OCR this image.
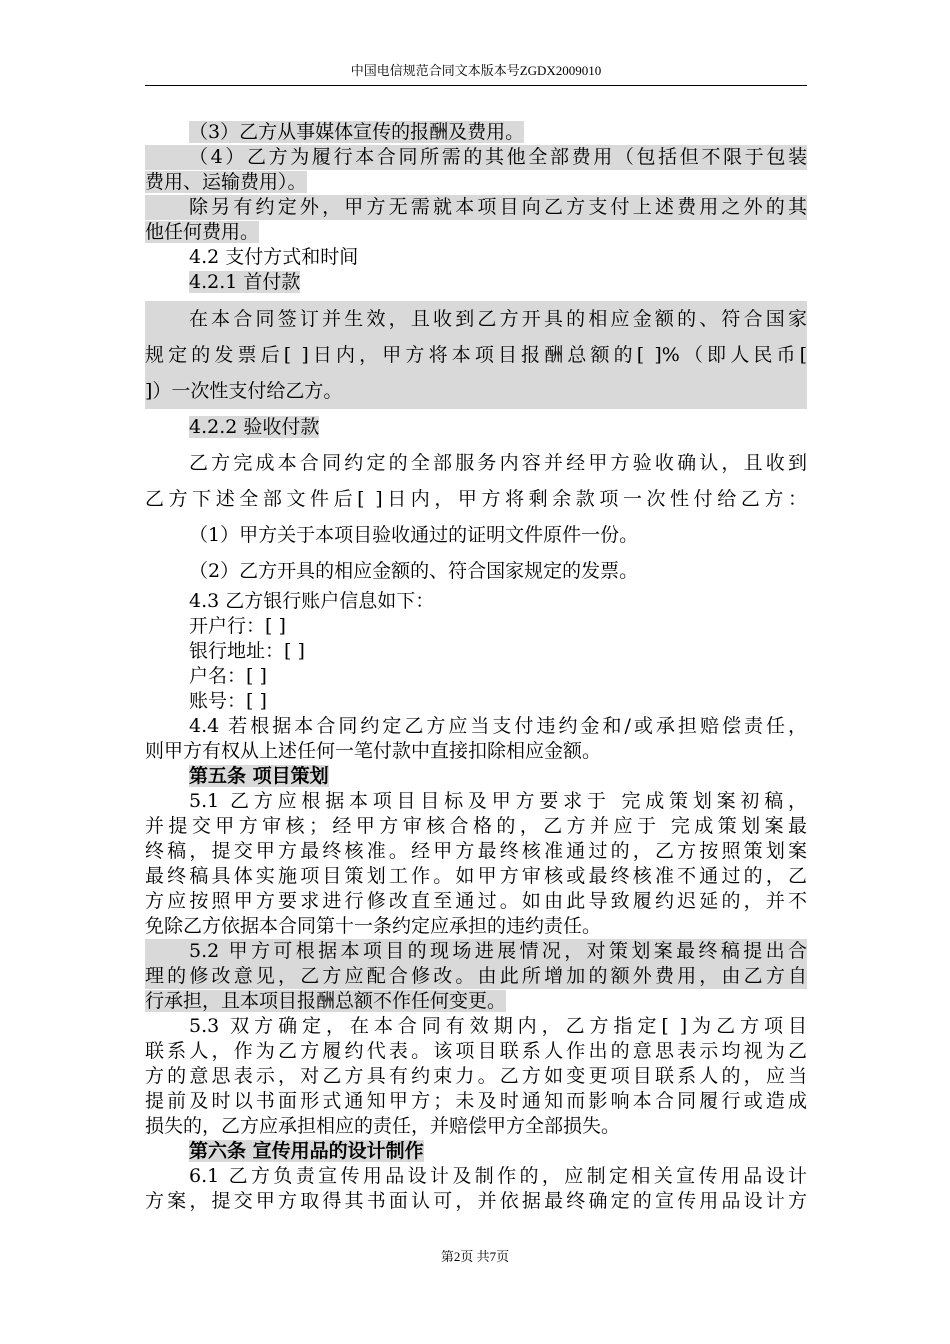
中国电信规范合同文本版本号ZGDX2009010

（3）乙方从事媒体宣传的报酬及费用。

（4）乙方为履行本合同所需的其他全部费用（包括但不限于包装

费用、运输费用）。

除另有约定外，甲方无需就本项目向乙方支付上述费用之外的其

他任何费用。

4.2 支付方式和时间

4.2.1 首付款

在本合同签订并生效，且收到乙方开具的相应金额的、符合国家

规定的发票后[ ]日内，甲方将本项目报酬总额的[ ]%（即人民币[

]）一次性支付给乙方。

4.2.2 验收付款

乙方完成本合同约定的全部服务内容并经甲方验收确认，且收到

乙方下述全部文件后[ ]日内，甲方将剩余款项一次性付给乙方：

（1）甲方关于本项目验收通过的证明文件原件一份。

（2）乙方开具的相应金额的、符合国家规定的发票。

4.3 乙方银行账户信息如下：

开户行：[ ]

银行地址：[ ]

户名：[ ]

账号：[ ]

4.4 若根据本合同约定乙方应当支付违约金和/或承担赔偿责任，

则甲方有权从上述任何一笔付款中直接扣除相应金额。

第五条 项目策划

5.1 乙方应根据本项目目标及甲方要求于 完成策划案初稿，

并提交甲方审核；经甲方审核合格的，乙方并应于 完成策划案最

终稿，提交甲方最终核准。经甲方最终核准通过的，乙方按照策划案

最终稿具体实施项目策划工作。如甲方审核或最终核准不通过的，乙

方应按照甲方要求进行修改直至通过。如由此导致履约迟延的，并不

免除乙方依据本合同第十一条约定应承担的违约责任。

5.2 甲方可根据本项目的现场进展情况，对策划案最终稿提出合

理的修改意见，乙方应配合修改。由此所增加的额外费用，由乙方自

行承担，且本项目报酬总额不作任何变更。

5.3 双方确定，在本合同有效期内，乙方指定[ ]为乙方项目

联系人，作为乙方履约代表。该项目联系人作出的意思表示均视为乙

方的意思表示，对乙方具有约束力。乙方如变更项目联系人的，应当

提前及时以书面形式通知甲方；未及时通知而影响本合同履行或造成

损失的，乙方应承担相应的责任，并赔偿甲方全部损失。

第六条 宣传用品的设计制作

6.1 乙方负责宣传用品设计及制作的，应制定相关宣传用品设计

方案，提交甲方取得其书面认可，并依据最终确定的宣传用品设计方

第2页 共7页
